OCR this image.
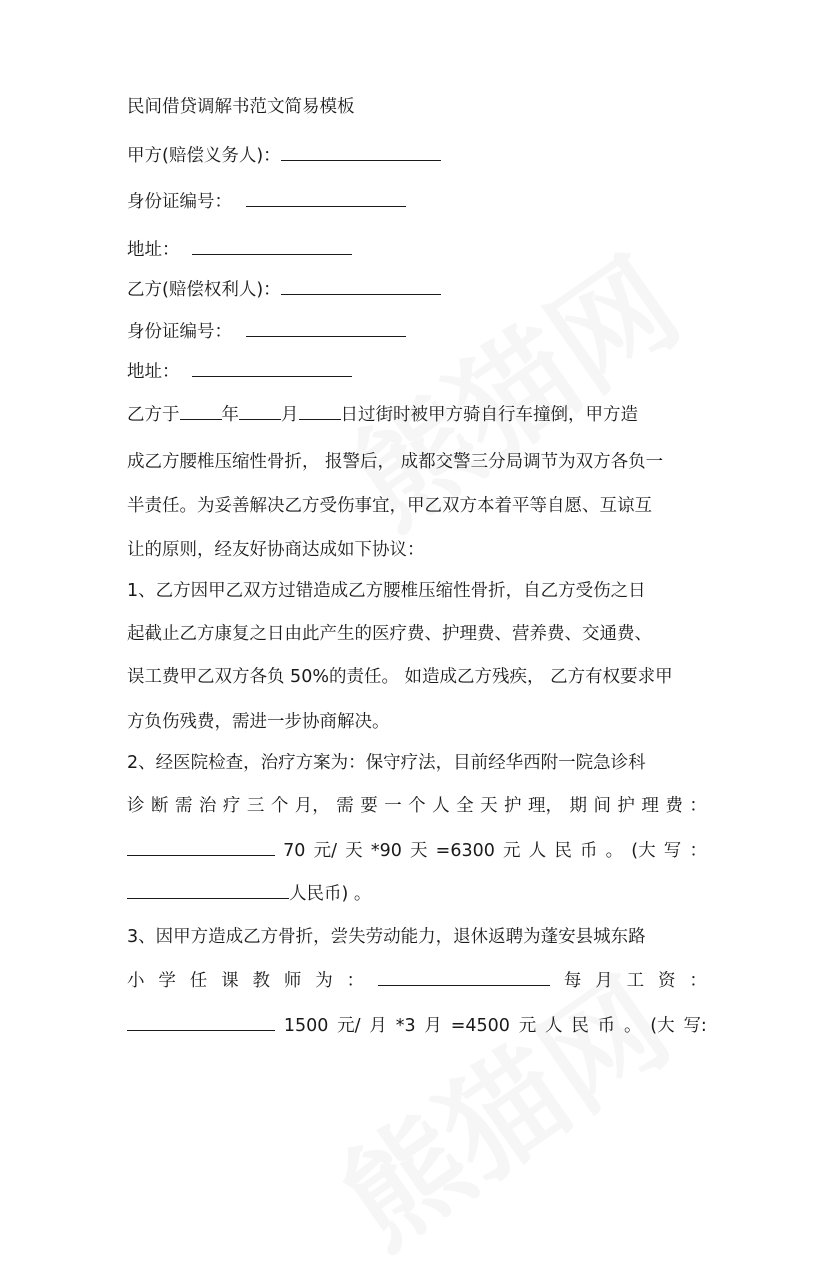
民间借贷调解书范文简易模板
甲方(赔偿义务人)：
身份证编号：
地址：
乙方(赔偿权利人)：
身份证编号：
地址：
乙方于 年 月 日过街时被甲方骑自行车撞倒，甲方造
成乙方腰椎压缩性骨折， 报警后， 成都交警三分局调节为双方各负一
半责任。为妥善解决乙方受伤事宜，甲乙双方本着平等自愿、互谅互
让的原则，经友好协商达成如下协议：
1、乙方因甲乙双方过错造成乙方腰椎压缩性骨折，自乙方受伤之日
起截止乙方康复之日由此产生的医疗费、护理费、营养费、交通费、
误工费甲乙双方各负 50%的责任。 如造成乙方残疾， 乙方有权要求甲
方负伤残费，需进一步协商解决。
2、经医院检查，治疗方案为：保守疗法，目前经华西附一院急诊科
诊 断 需 治 疗 三 个 月， 需 要 一 个 人 全 天 护 理， 期 间 护 理 费 ：
70 元/ 天 *90 天 =6300 元 人 民 币 。 (大 写 ：
人民币) 。
3、因甲方造成乙方骨折，尝失劳动能力，退休返聘为蓬安县城东路
小 学 任 课 教 师 为 ：	每 月 工 资 ：
1500 元/ 月 *3 月 =4500 元 人 民 币 。 (大 写:
